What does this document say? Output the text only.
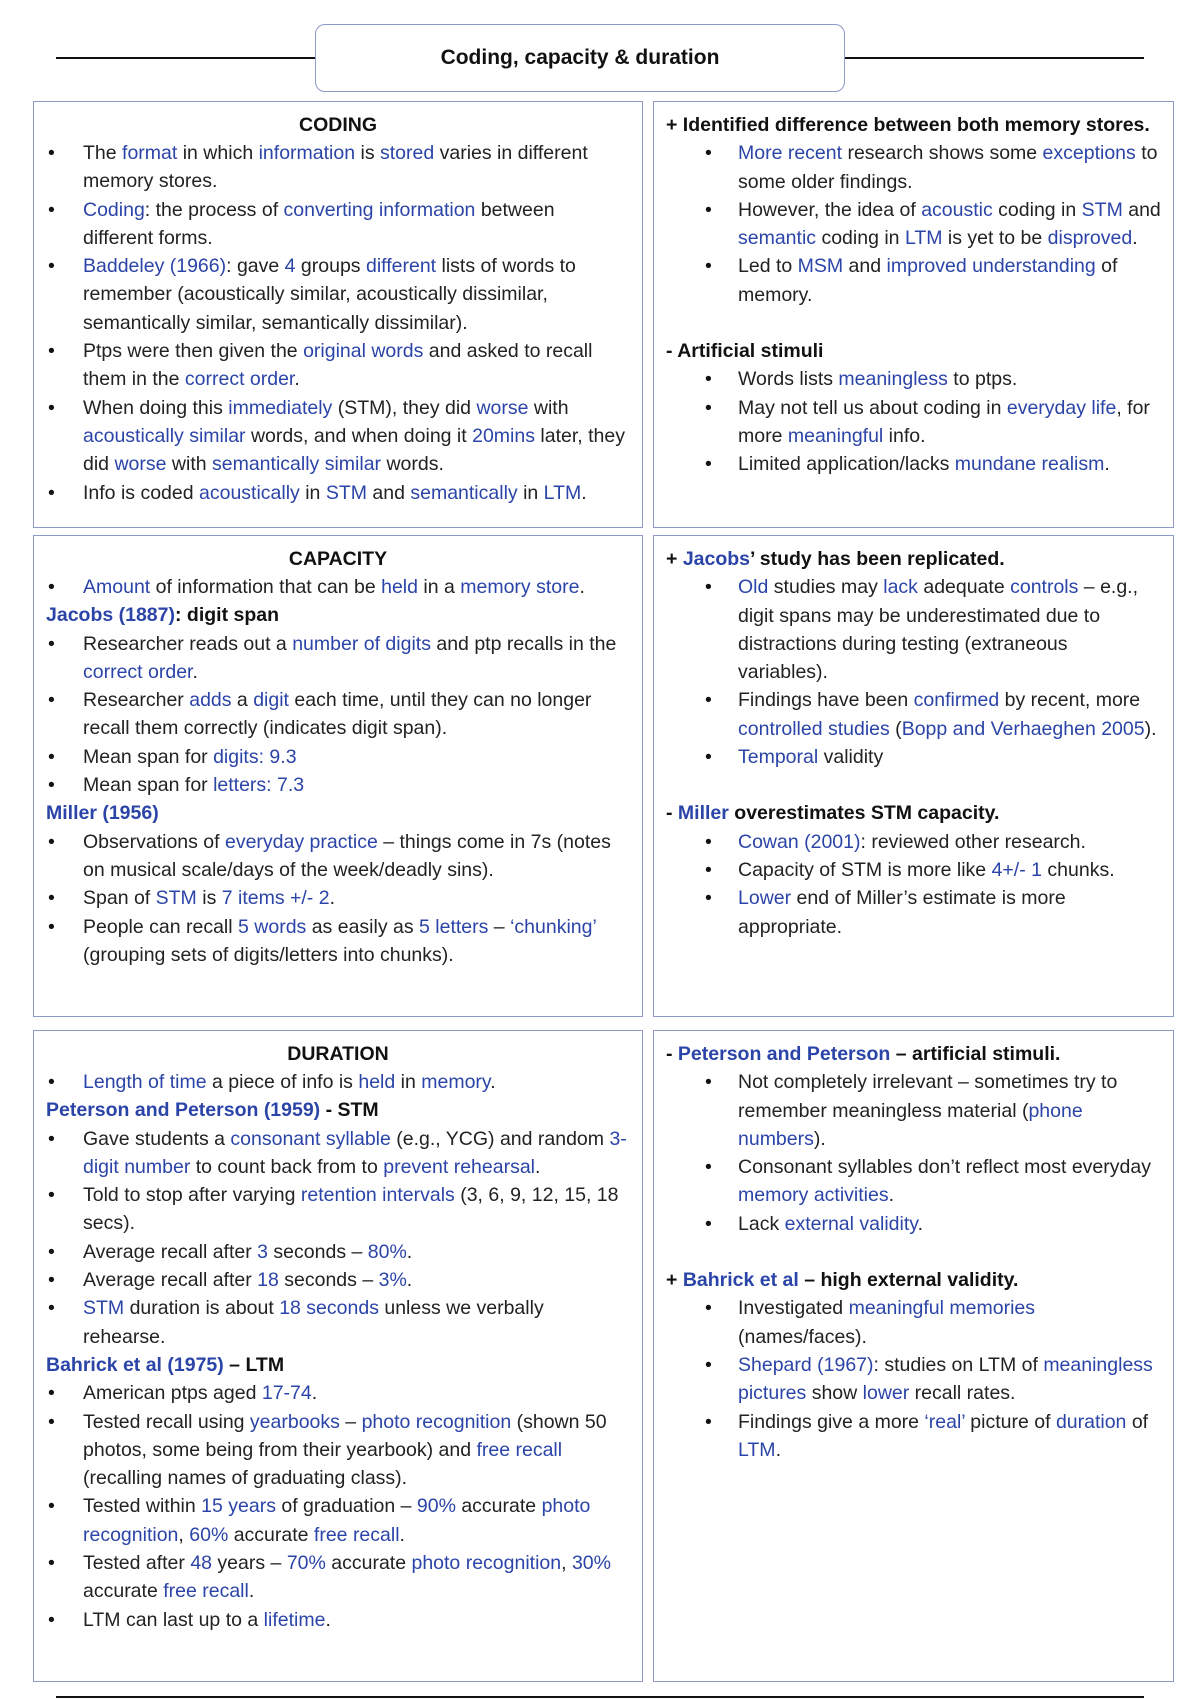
Coding, capacity & duration
CODING
• The format in which information is stored varies in different memory stores.
• Coding: the process of converting information between different forms.
• Baddeley (1966): gave 4 groups different lists of words to remember (acoustically similar, acoustically dissimilar, semantically similar, semantically dissimilar).
• Ptps were then given the original words and asked to recall them in the correct order.
• When doing this immediately (STM), they did worse with acoustically similar words, and when doing it 20mins later, they did worse with semantically similar words.
• Info is coded acoustically in STM and semantically in LTM.

+ Identified difference between both memory stores.

• More recent research shows some exceptions to some older findings.
• However, the idea of acoustic coding in STM and semantic coding in LTM is yet to be disproved.
• Led to MSM and improved understanding of memory.

- Artificial stimuli

• Words lists meaningless to ptps.
• May not tell us about coding in everyday life, for more meaningful info.
• Limited application/lacks mundane realism.
CAPACITY
• Amount of information that can be held in a memory store.

Jacobs (1887): digit span

• Researcher reads out a number of digits and ptp recalls in the correct order.
• Researcher adds a digit each time, until they can no longer recall them correctly (indicates digit span).
• Mean span for digits: 9.3
• Mean span for letters: 7.3

Miller (1956)

• Observations of everyday practice – things come in 7s (notes on musical scale/days of the week/deadly sins).
• Span of STM is 7 items +/- 2.
• People can recall 5 words as easily as 5 letters – ‘chunking’ (grouping sets of digits/letters into chunks).

+ Jacobs’ study has been replicated.

• Old studies may lack adequate controls – e.g., digit spans may be underestimated due to distractions during testing (extraneous variables).
• Findings have been confirmed by recent, more controlled studies (Bopp and Verhaeghen 2005).
• Temporal validity

- Miller overestimates STM capacity.

• Cowan (2001): reviewed other research.
• Capacity of STM is more like 4+/- 1 chunks.
• Lower end of Miller’s estimate is more appropriate.
DURATION
• Length of time a piece of info is held in memory.

Peterson and Peterson (1959) - STM

• Gave students a consonant syllable (e.g., YCG) and random 3-digit number to count back from to prevent rehearsal.
• Told to stop after varying retention intervals (3, 6, 9, 12, 15, 18 secs).
• Average recall after 3 seconds – 80%.
• Average recall after 18 seconds – 3%.
• STM duration is about 18 seconds unless we verbally rehearse.

Bahrick et al (1975) – LTM

• American ptps aged 17-74.
• Tested recall using yearbooks – photo recognition (shown 50 photos, some being from their yearbook) and free recall (recalling names of graduating class).
• Tested within 15 years of graduation – 90% accurate photo recognition, 60% accurate free recall.
• Tested after 48 years – 70% accurate photo recognition, 30% accurate free recall.
• LTM can last up to a lifetime.

- Peterson and Peterson – artificial stimuli.

• Not completely irrelevant – sometimes try to remember meaningless material (phone numbers).
• Consonant syllables don’t reflect most everyday memory activities.
• Lack external validity.

+ Bahrick et al – high external validity.

• Investigated meaningful memories (names/faces).
• Shepard (1967): studies on LTM of meaningless pictures show lower recall rates.
• Findings give a more ‘real’ picture of duration of LTM.
